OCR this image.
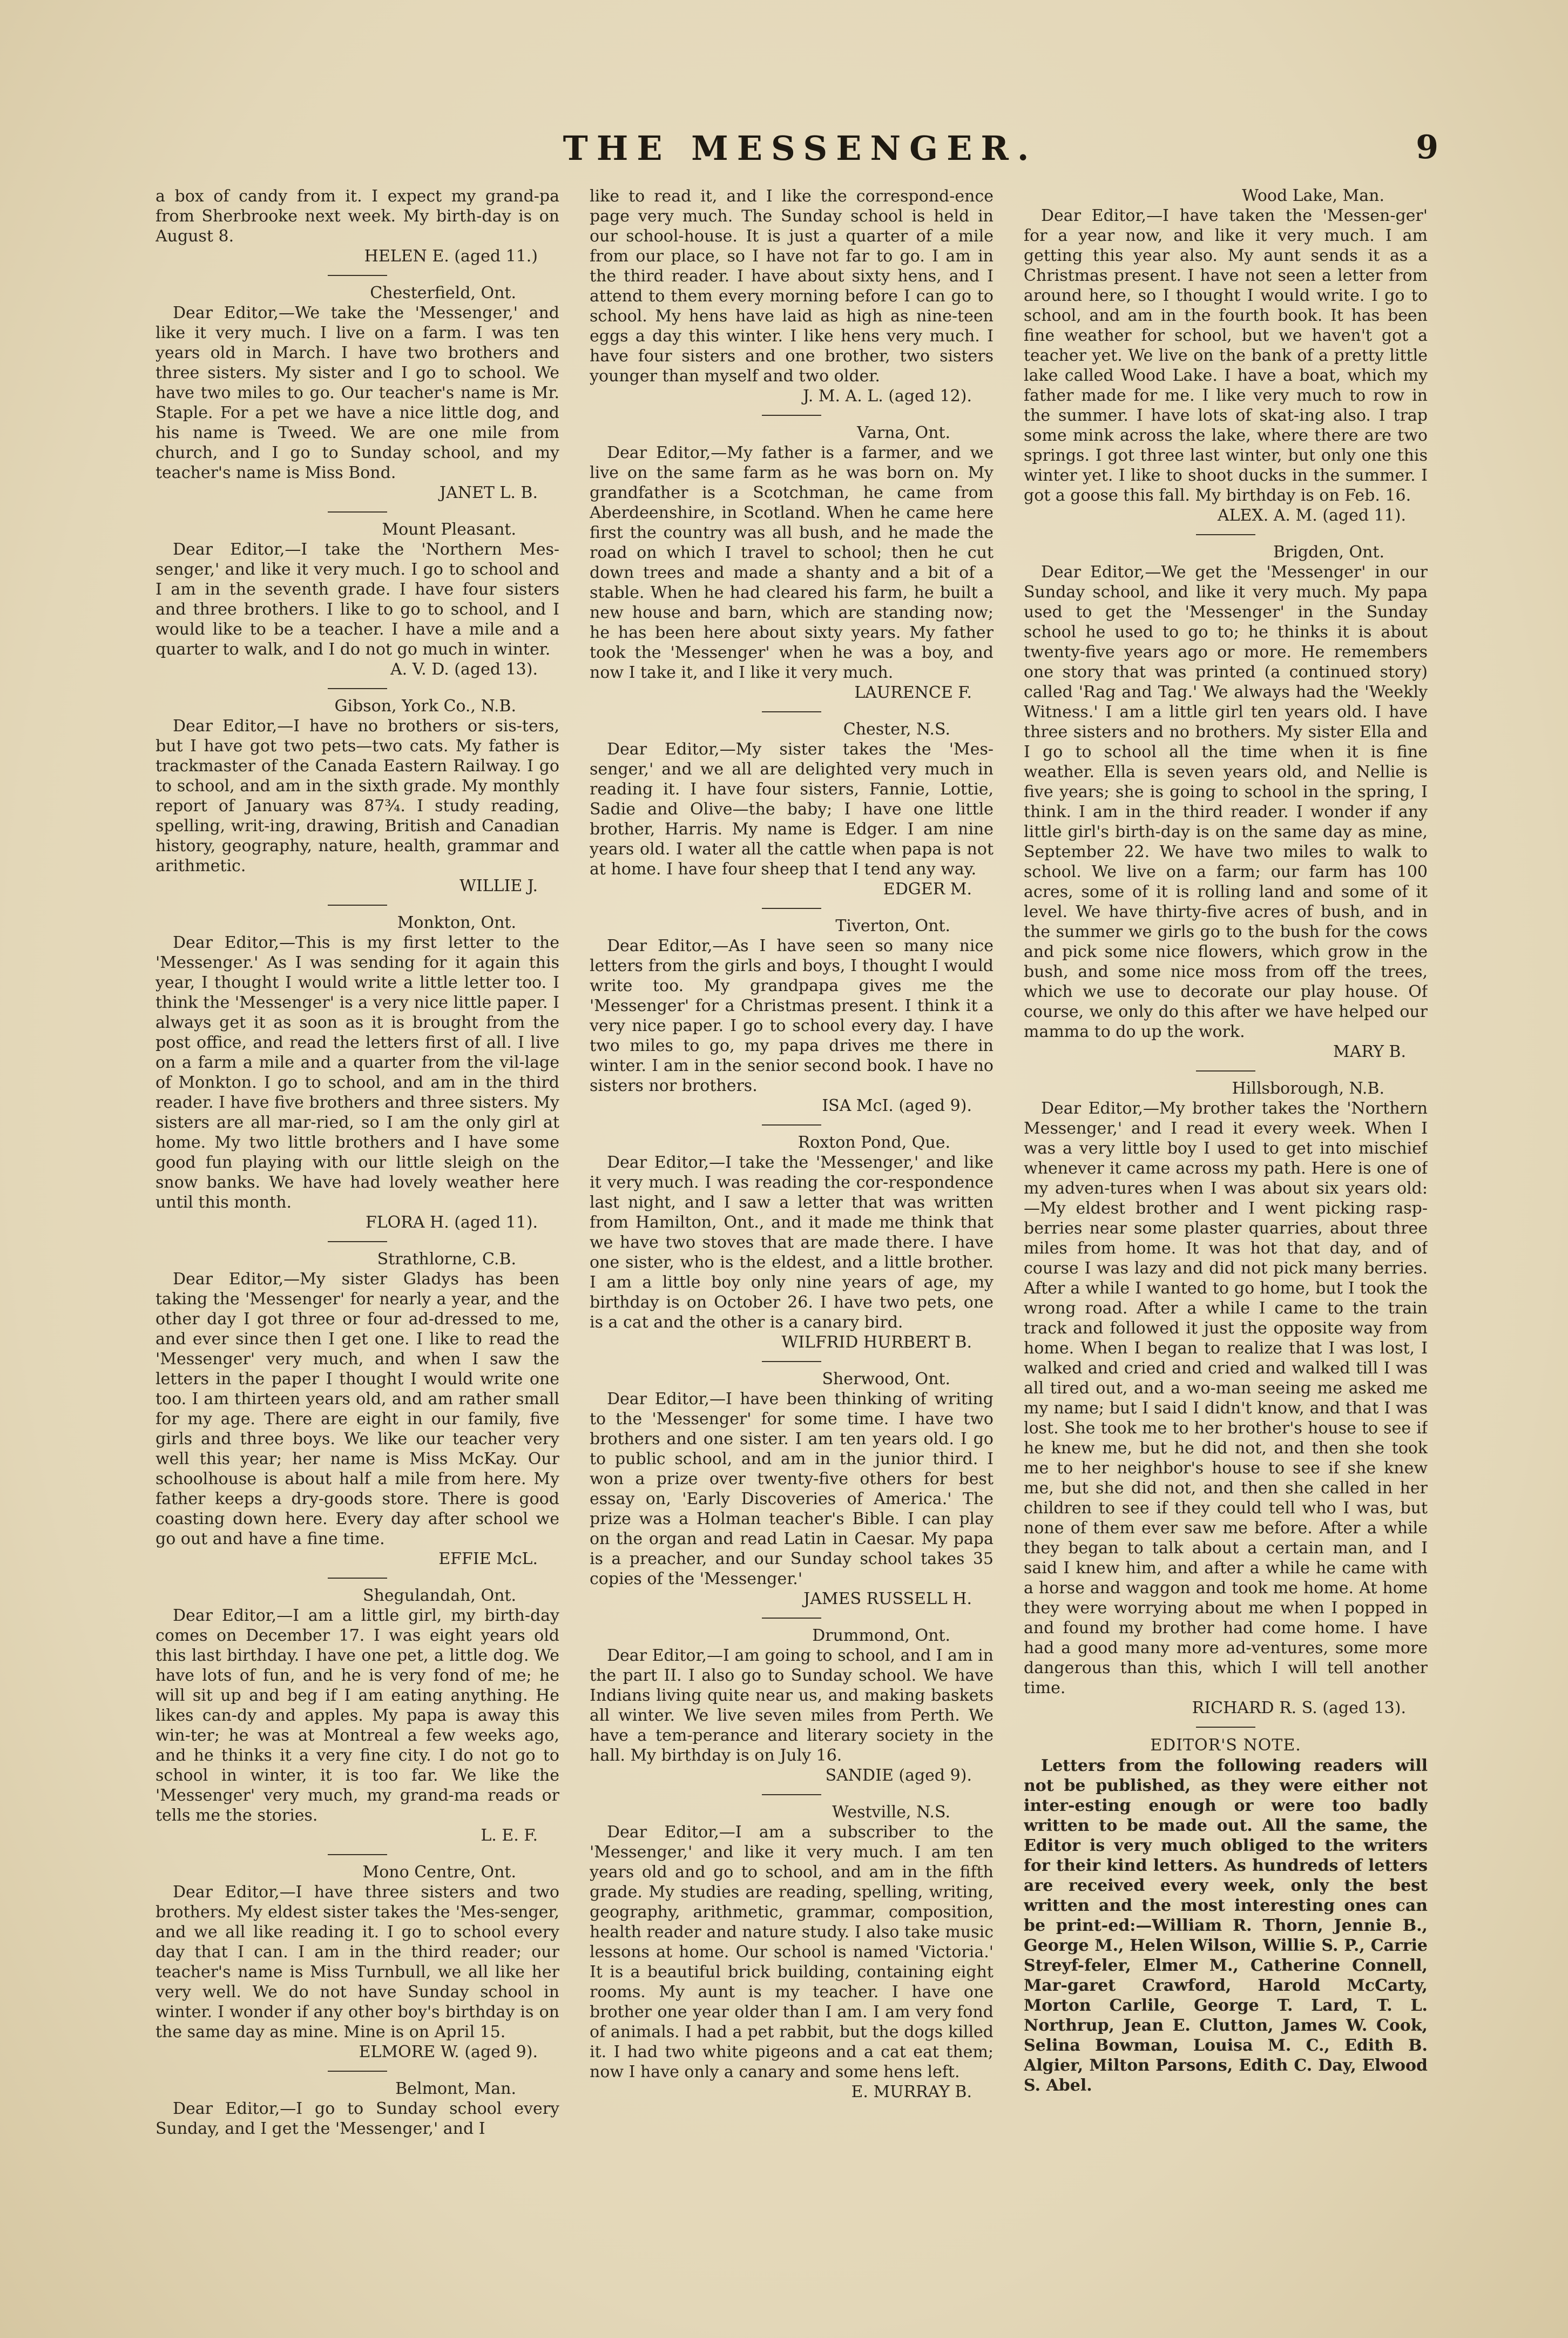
THE MESSENGER.	9

a box of candy from it. I expect my grand-pa from Sherbrooke next week. My birth-day is on August 8.

HELEN E. (aged 11.)
Chesterfield, Ont.

Dear Editor,—We take the 'Messenger,' and like it very much. I live on a farm. I was ten years old in March. I have two brothers and three sisters. My sister and I go to school. We have two miles to go. Our teacher's name is Mr. Staple. For a pet we have a nice little dog, and his name is Tweed. We are one mile from church, and I go to Sunday school, and my teacher's name is Miss Bond.

JANET L. B.
Mount Pleasant.

Dear Editor,—I take the 'Northern Mes-senger,' and like it very much. I go to school and I am in the seventh grade. I have four sisters and three brothers. I like to go to school, and I would like to be a teacher. I have a mile and a quarter to walk, and I do not go much in winter.

A. V. D. (aged 13).
Gibson, York Co., N.B.

Dear Editor,—I have no brothers or sis-ters, but I have got two pets—two cats. My father is trackmaster of the Canada Eastern Railway. I go to school, and am in the sixth grade. My monthly report of January was 87¾. I study reading, spelling, writ-ing, drawing, British and Canadian history, geography, nature, health, grammar and arithmetic.

WILLIE J.
Monkton, Ont.

Dear Editor,—This is my first letter to the 'Messenger.' As I was sending for it again this year, I thought I would write a little letter too. I think the 'Messenger' is a very nice little paper. I always get it as soon as it is brought from the post office, and read the letters first of all. I live on a farm a mile and a quarter from the vil-lage of Monkton. I go to school, and am in the third reader. I have five brothers and three sisters. My sisters are all mar-ried, so I am the only girl at home. My two little brothers and I have some good fun playing with our little sleigh on the snow banks. We have had lovely weather here until this month.

FLORA H. (aged 11).
Strathlorne, C.B.

Dear Editor,—My sister Gladys has been taking the 'Messenger' for nearly a year, and the other day I got three or four ad-dressed to me, and ever since then I get one. I like to read the 'Messenger' very much, and when I saw the letters in the paper I thought I would write one too. I am thirteen years old, and am rather small for my age. There are eight in our family, five girls and three boys. We like our teacher very well this year; her name is Miss McKay. Our schoolhouse is about half a mile from here. My father keeps a dry-goods store. There is good coasting down here. Every day after school we go out and have a fine time.

EFFIE McL.
Shegulandah, Ont.

Dear Editor,—I am a little girl, my birth-day comes on December 17. I was eight years old this last birthday. I have one pet, a little dog. We have lots of fun, and he is very fond of me; he will sit up and beg if I am eating anything. He likes can-dy and apples. My papa is away this win-ter; he was at Montreal a few weeks ago, and he thinks it a very fine city. I do not go to school in winter, it is too far. We like the 'Messenger' very much, my grand-ma reads or tells me the stories.

L. E. F.
Mono Centre, Ont.

Dear Editor,—I have three sisters and two brothers. My eldest sister takes the 'Mes-senger, and we all like reading it. I go to school every day that I can. I am in the third reader; our teacher's name is Miss Turnbull, we all like her very well. We do not have Sunday school in winter. I wonder if any other boy's birthday is on the same day as mine. Mine is on April 15.

ELMORE W. (aged 9).
Belmont, Man.

Dear Editor,—I go to Sunday school every Sunday, and I get the 'Messenger,' and I

like to read it, and I like the correspond-ence page very much. The Sunday school is held in our school-house. It is just a quarter of a mile from our place, so I have not far to go. I am in the third reader. I have about sixty hens, and I attend to them every morning before I can go to school. My hens have laid as high as nine-teen eggs a day this winter. I like hens very much. I have four sisters and one brother, two sisters younger than myself and two older.

J. M. A. L. (aged 12).
Varna, Ont.

Dear Editor,—My father is a farmer, and we live on the same farm as he was born on. My grandfather is a Scotchman, he came from Aberdeenshire, in Scotland. When he came here first the country was all bush, and he made the road on which I travel to school; then he cut down trees and made a shanty and a bit of a stable. When he had cleared his farm, he built a new house and barn, which are standing now; he has been here about sixty years. My father took the 'Messenger' when he was a boy, and now I take it, and I like it very much.

LAURENCE F.
Chester, N.S.

Dear Editor,—My sister takes the 'Mes-senger,' and we all are delighted very much in reading it. I have four sisters, Fannie, Lottie, Sadie and Olive—the baby; I have one little brother, Harris. My name is Edger. I am nine years old. I water all the cattle when papa is not at home. I have four sheep that I tend any way.

EDGER M.
Tiverton, Ont.

Dear Editor,—As I have seen so many nice letters from the girls and boys, I thought I would write too. My grandpapa gives me the 'Messenger' for a Christmas present. I think it a very nice paper. I go to school every day. I have two miles to go, my papa drives me there in winter. I am in the senior second book. I have no sisters nor brothers.

ISA McI. (aged 9).
Roxton Pond, Que.

Dear Editor,—I take the 'Messenger,' and like it very much. I was reading the cor-respondence last night, and I saw a letter that was written from Hamilton, Ont., and it made me think that we have two stoves that are made there. I have one sister, who is the eldest, and a little brother. I am a little boy only nine years of age, my birthday is on October 26. I have two pets, one is a cat and the other is a canary bird.

WILFRID HURBERT B.
Sherwood, Ont.

Dear Editor,—I have been thinking of writing to the 'Messenger' for some time. I have two brothers and one sister. I am ten years old. I go to public school, and am in the junior third. I won a prize over twenty-five others for best essay on, 'Early Discoveries of America.' The prize was a Holman teacher's Bible. I can play on the organ and read Latin in Caesar. My papa is a preacher, and our Sunday school takes 35 copies of the 'Messenger.'

JAMES RUSSELL H.
Drummond, Ont.

Dear Editor,—I am going to school, and I am in the part II. I also go to Sunday school. We have Indians living quite near us, and making baskets all winter. We live seven miles from Perth. We have a tem-perance and literary society in the hall. My birthday is on July 16.

SANDIE (aged 9).
Westville, N.S.

Dear Editor,—I am a subscriber to the 'Messenger,' and like it very much. I am ten years old and go to school, and am in the fifth grade. My studies are reading, spelling, writing, geography, arithmetic, grammar, composition, health reader and nature study. I also take music lessons at home. Our school is named 'Victoria.' It is a beautiful brick building, containing eight rooms. My aunt is my teacher. I have one brother one year older than I am. I am very fond of animals. I had a pet rabbit, but the dogs killed it. I had two white pigeons and a cat eat them; now I have only a canary and some hens left.

E. MURRAY B.
Wood Lake, Man.

Dear Editor,—I have taken the 'Messen-ger' for a year now, and like it very much. I am getting this year also. My aunt sends it as a Christmas present. I have not seen a letter from around here, so I thought I would write. I go to school, and am in the fourth book. It has been fine weather for school, but we haven't got a teacher yet. We live on the bank of a pretty little lake called Wood Lake. I have a boat, which my father made for me. I like very much to row in the summer. I have lots of skat-ing also. I trap some mink across the lake, where there are two springs. I got three last winter, but only one this winter yet. I like to shoot ducks in the summer. I got a goose this fall. My birthday is on Feb. 16.

ALEX. A. M. (aged 11).
Brigden, Ont.

Dear Editor,—We get the 'Messenger' in our Sunday school, and like it very much. My papa used to get the 'Messenger' in the Sunday school he used to go to; he thinks it is about twenty-five years ago or more. He remembers one story that was printed (a continued story) called 'Rag and Tag.' We always had the 'Weekly Witness.' I am a little girl ten years old. I have three sisters and no brothers. My sister Ella and I go to school all the time when it is fine weather. Ella is seven years old, and Nellie is five years; she is going to school in the spring, I think. I am in the third reader. I wonder if any little girl's birth-day is on the same day as mine, September 22. We have two miles to walk to school. We live on a farm; our farm has 100 acres, some of it is rolling land and some of it level. We have thirty-five acres of bush, and in the summer we girls go to the bush for the cows and pick some nice flowers, which grow in the bush, and some nice moss from off the trees, which we use to decorate our play house. Of course, we only do this after we have helped our mamma to do up the work.

MARY B.
Hillsborough, N.B.

Dear Editor,—My brother takes the 'Northern Messenger,' and I read it every week. When I was a very little boy I used to get into mischief whenever it came across my path. Here is one of my adven-tures when I was about six years old:—My eldest brother and I went picking rasp-berries near some plaster quarries, about three miles from home. It was hot that day, and of course I was lazy and did not pick many berries. After a while I wanted to go home, but I took the wrong road. After a while I came to the train track and followed it just the opposite way from home. When I began to realize that I was lost, I walked and cried and cried and walked till I was all tired out, and a wo-man seeing me asked me my name; but I said I didn't know, and that I was lost. She took me to her brother's house to see if he knew me, but he did not, and then she took me to her neighbor's house to see if she knew me, but she did not, and then she called in her children to see if they could tell who I was, but none of them ever saw me before. After a while they began to talk about a certain man, and I said I knew him, and after a while he came with a horse and waggon and took me home. At home they were worrying about me when I popped in and found my brother had come home. I have had a good many more ad-ventures, some more dangerous than this, which I will tell another time.

RICHARD R. S. (aged 13).
EDITOR'S NOTE.

Letters from the following readers will not be published, as they were either not inter-esting enough or were too badly written to be made out. All the same, the Editor is very much obliged to the writers for their kind letters. As hundreds of letters are received every week, only the best written and the most interesting ones can be print-ed:—William R. Thorn, Jennie B., George M., Helen Wilson, Willie S. P., Carrie Streyf-feler, Elmer M., Catherine Connell, Mar-garet Crawford, Harold McCarty, Morton Carlile, George T. Lard, T. L. Northrup, Jean E. Clutton, James W. Cook, Selina Bowman, Louisa M. C., Edith B. Algier, Milton Parsons, Edith C. Day, Elwood S. Abel.
